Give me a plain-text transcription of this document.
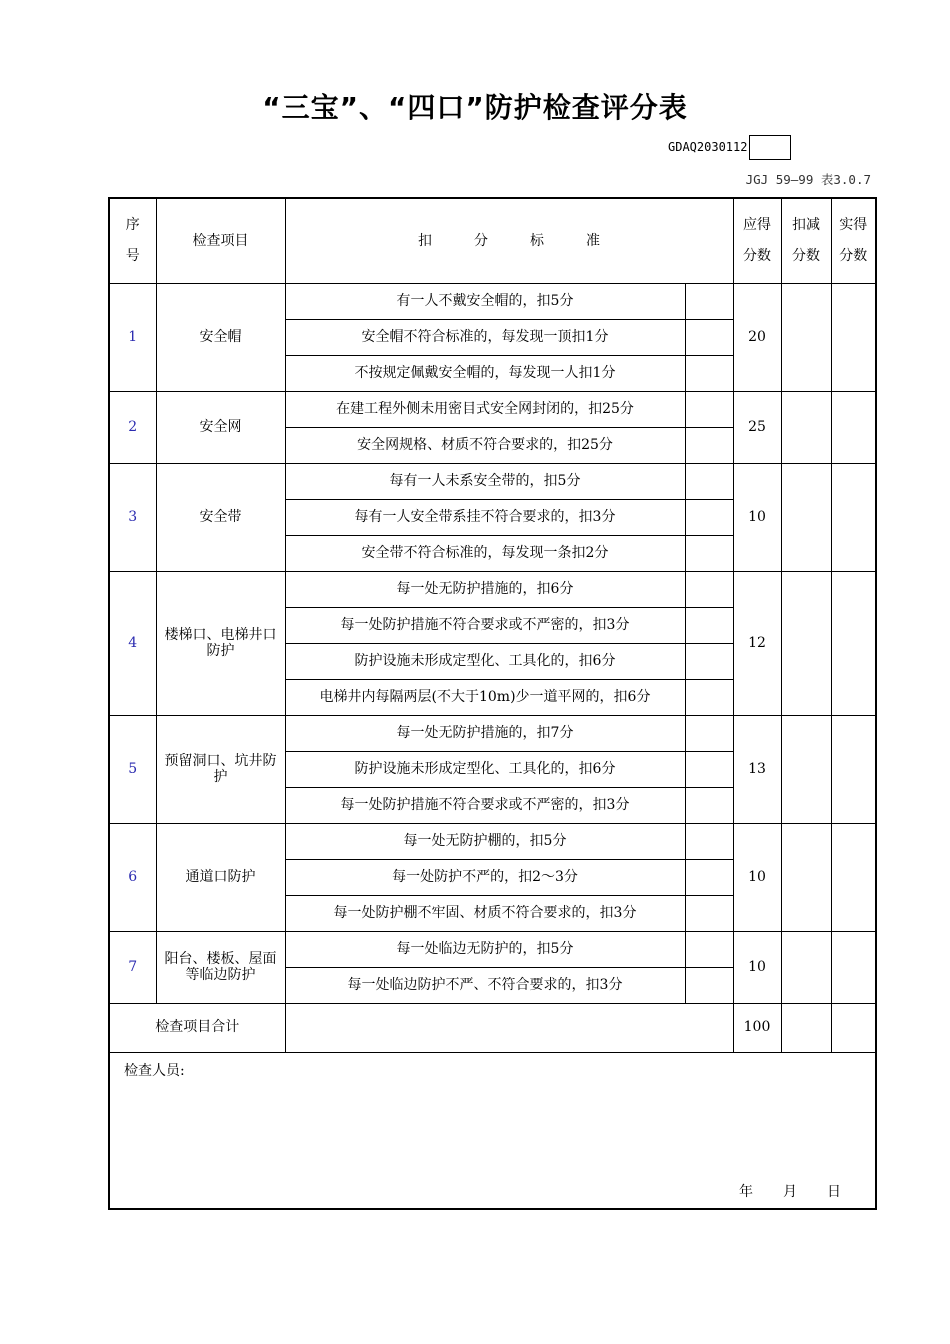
“三宝”、“四口”防护检查评分表
GDAQ2030112
JGJ 59—99 表3.0.7
序号	检查项目	扣　　　分　　　标　　　准		应得分数	扣减分数	实得分数
1	安全帽	有一人不戴安全帽的，扣5分		20		
		安全帽不符合标准的，每发现一顶扣1分				
		不按规定佩戴安全帽的，每发现一人扣1分				
2	安全网	在建工程外侧未用密目式安全网封闭的，扣25分		25		
		安全网规格、材质不符合要求的，扣25分				
3	安全带	每有一人未系安全带的，扣5分		10		
		每有一人安全带系挂不符合要求的，扣3分				
		安全带不符合标准的，每发现一条扣2分				
4	楼梯口、电梯井口防护	每一处无防护措施的，扣6分		12		
		每一处防护措施不符合要求或不严密的，扣3分				
		防护设施未形成定型化、工具化的，扣6分				
		电梯井内每隔两层(不大于10m)少一道平网的，扣6分				
5	预留洞口、坑井防护	每一处无防护措施的，扣7分		13		
		防护设施未形成定型化、工具化的，扣6分				
		每一处防护措施不符合要求或不严密的，扣3分				
6	通道口防护	每一处无防护棚的，扣5分		10		
		每一处防护不严的，扣2～3分				
		每一处防护棚不牢固、材质不符合要求的，扣3分				
7	阳台、楼板、屋面等临边防护	每一处临边无防护的，扣5分		10		
		每一处临边防护不严、不符合要求的，扣3分				
检查项目合计				100		

检查人员:
年 月 日						
